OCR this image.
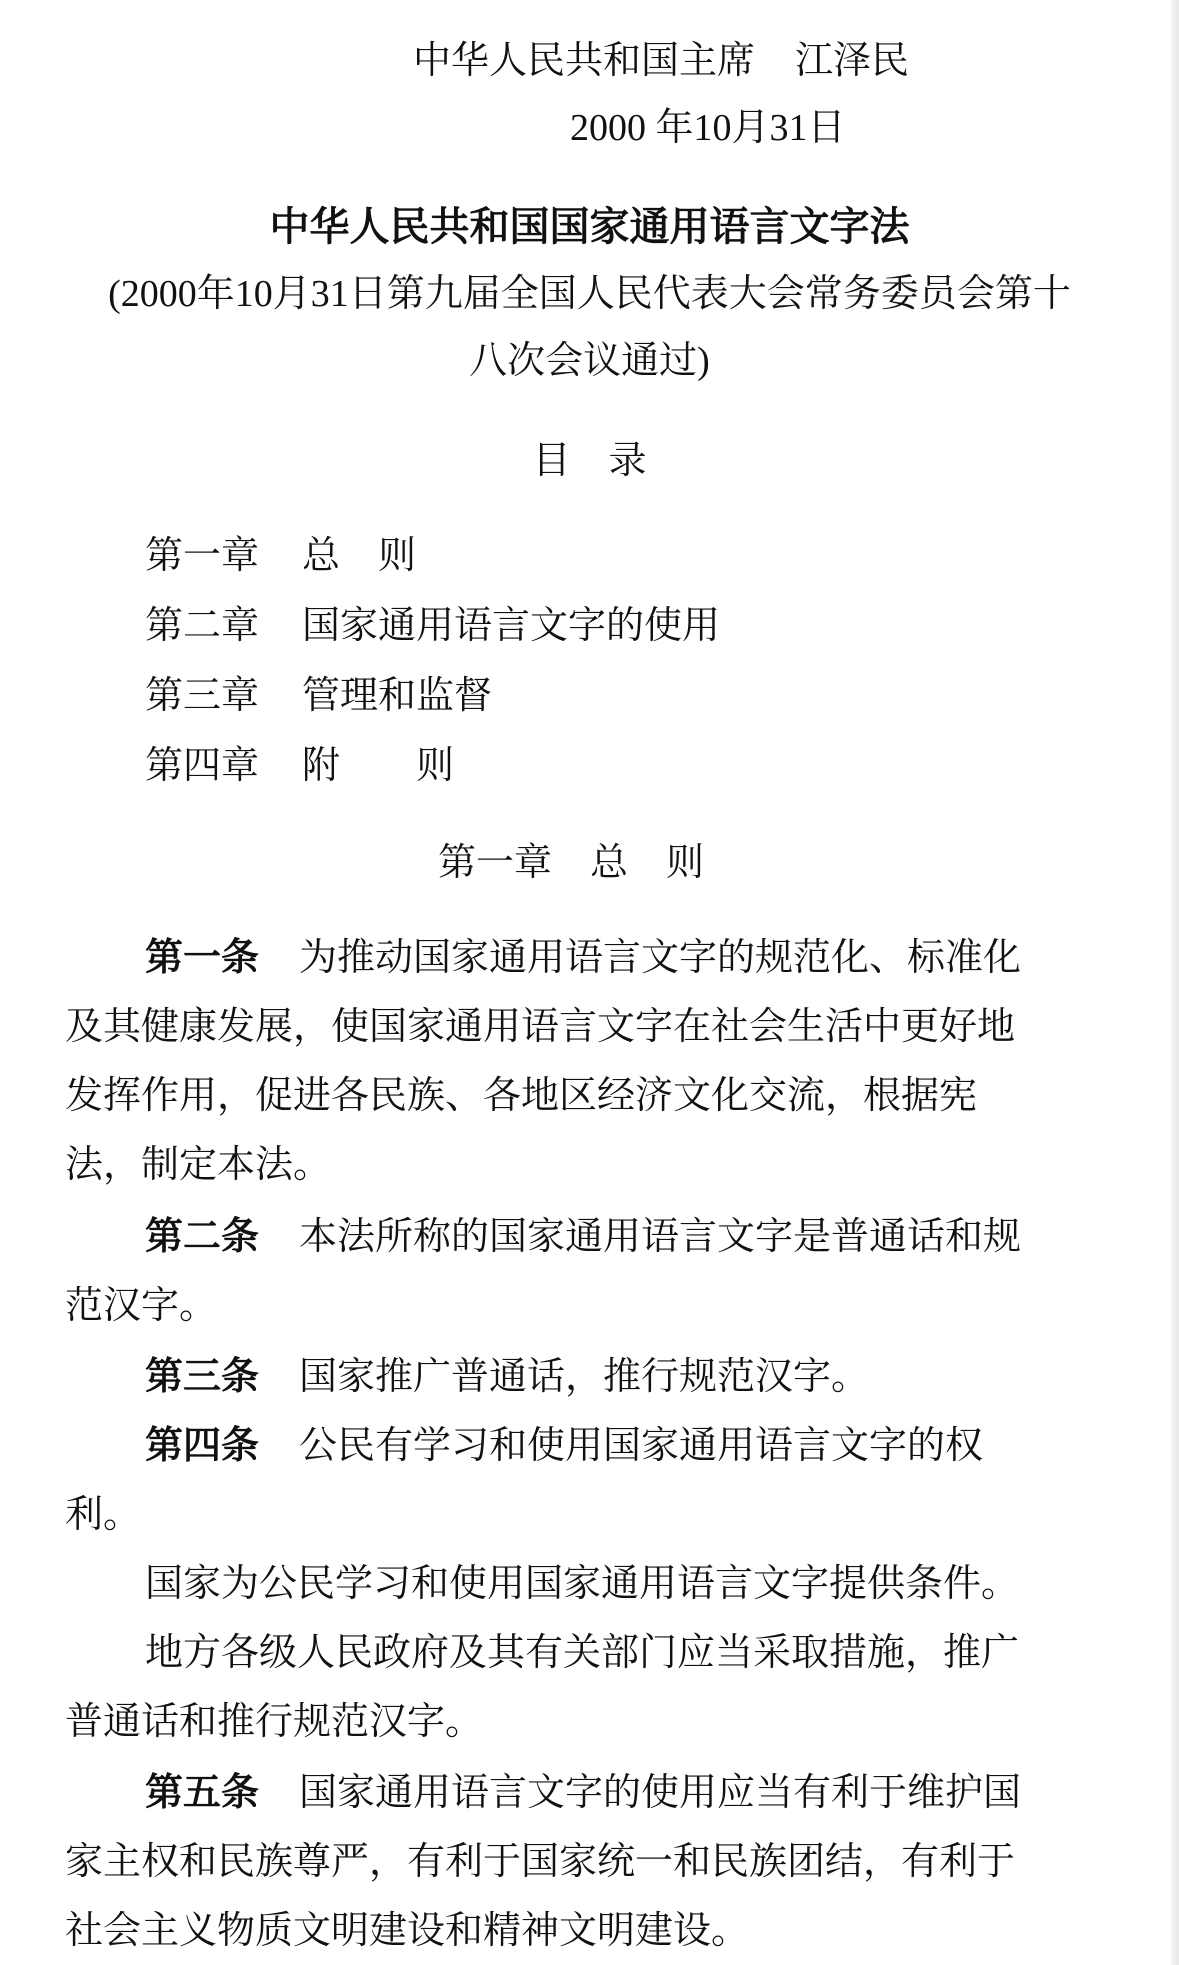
中华人民共和国主席 江泽民
2000 年10月31日
中华人民共和国国家通用语言文字法
(2000年10月31日第九届全国人民代表大会常务委员会第十
八次会议通过)
目　录
第一章 总　则
第二章 国家通用语言文字的使用
第三章 管理和监督
第四章 附　　则
第一章　总　则
第一条 为推动国家通用语言文字的规范化、标准化
及其健康发展，使国家通用语言文字在社会生活中更好地
发挥作用，促进各民族、各地区经济文化交流，根据宪
法，制定本法。
第二条 本法所称的国家通用语言文字是普通话和规
范汉字。
第三条 国家推广普通话，推行规范汉字。
第四条 公民有学习和使用国家通用语言文字的权
利。
国家为公民学习和使用国家通用语言文字提供条件。
地方各级人民政府及其有关部门应当采取措施，推广
普通话和推行规范汉字。
第五条 国家通用语言文字的使用应当有利于维护国
家主权和民族尊严，有利于国家统一和民族团结，有利于
社会主义物质文明建设和精神文明建设。
